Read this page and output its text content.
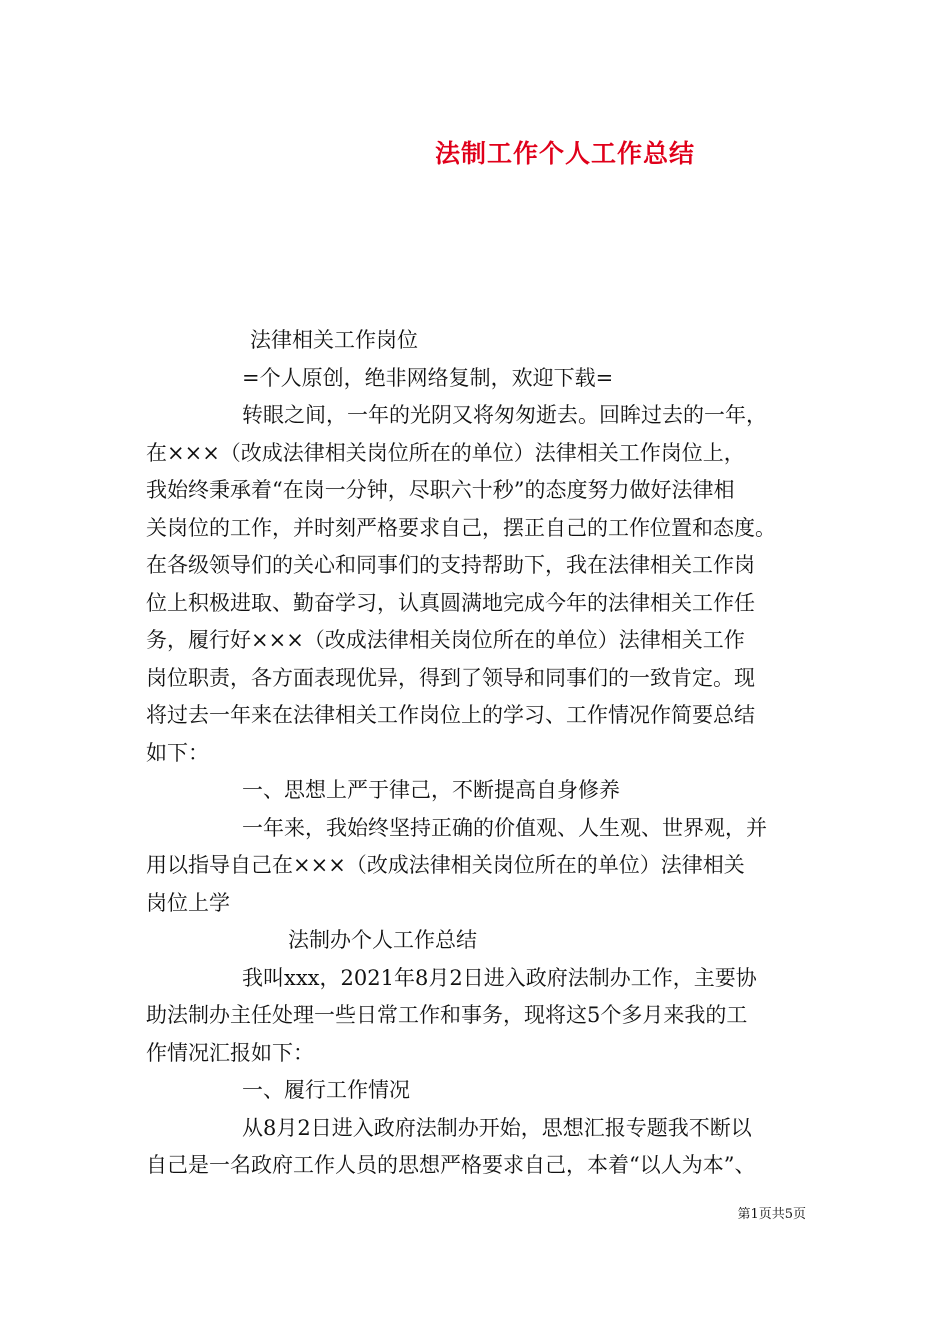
法制工作个人工作总结
法律相关工作岗位
=个人原创，绝非网络复制，欢迎下载=
转眼之间，一年的光阴又将匆匆逝去。回眸过去的一年，
在×××（改成法律相关岗位所在的单位）法律相关工作岗位上，
我始终秉承着“在岗一分钟，尽职六十秒”的态度努力做好法律相
关岗位的工作，并时刻严格要求自己，摆正自己的工作位置和态度。
在各级领导们的关心和同事们的支持帮助下，我在法律相关工作岗
位上积极进取、勤奋学习，认真圆满地完成今年的法律相关工作任
务，履行好×××（改成法律相关岗位所在的单位）法律相关工作
岗位职责，各方面表现优异，得到了领导和同事们的一致肯定。现
将过去一年来在法律相关工作岗位上的学习、工作情况作简要总结
如下：
一、思想上严于律己，不断提高自身修养
一年来，我始终坚持正确的价值观、人生观、世界观，并
用以指导自己在×××（改成法律相关岗位所在的单位）法律相关
岗位上学
法制办个人工作总结
我叫xxx，2021年8月2日进入政府法制办工作，主要协
助法制办主任处理一些日常工作和事务，现将这5个多月来我的工
作情况汇报如下：
一、履行工作情况
从8月2日进入政府法制办开始，思想汇报专题我不断以
自己是一名政府工作人员的思想严格要求自己，本着“以人为本”、
第1页共5页
